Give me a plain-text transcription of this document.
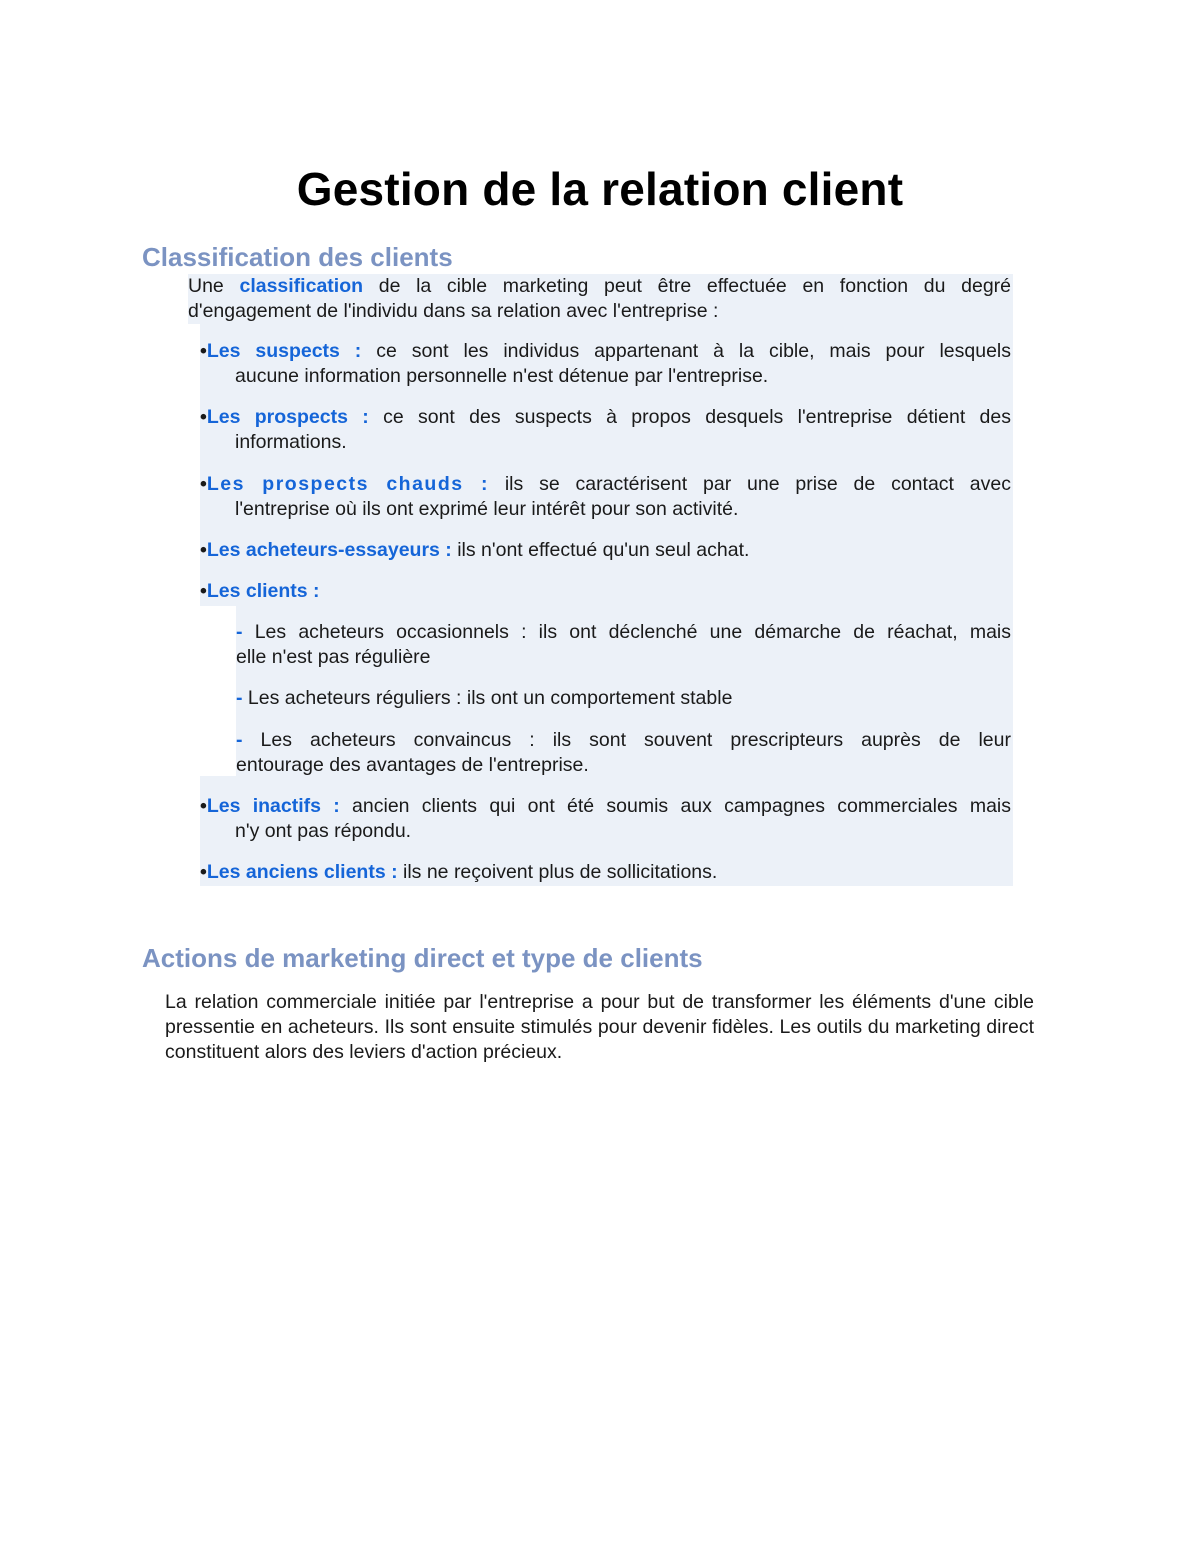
Gestion de la relation client
Classification des clients
Une classification de la cible marketing peut être effectuée en fonction du degré
d'engagement de l'individu dans sa relation avec l'entreprise :
•Les suspects : ce sont les individus appartenant à la cible, mais pour lesquels
aucune information personnelle n'est détenue par l'entreprise.
•Les prospects : ce sont des suspects à propos desquels l'entreprise détient des
informations.
•Les prospects chauds : ils se caractérisent par une prise de contact avec
l'entreprise où ils ont exprimé leur intérêt pour son activité.
•Les acheteurs-essayeurs : ils n'ont effectué qu'un seul achat.
•Les clients :
- Les acheteurs occasionnels : ils ont déclenché une démarche de réachat, mais
elle n'est pas régulière
- Les acheteurs réguliers : ils ont un comportement stable
- Les acheteurs convaincus : ils sont souvent prescripteurs auprès de leur
entourage des avantages de l'entreprise.
•Les inactifs : ancien clients qui ont été soumis aux campagnes commerciales mais
n'y ont pas répondu.
•Les anciens clients : ils ne reçoivent plus de sollicitations.
Actions de marketing direct et type de clients
La relation commerciale initiée par l'entreprise a pour but de transformer les éléments d'une cible pressentie en acheteurs. Ils sont ensuite stimulés pour devenir fidèles. Les outils du marketing direct constituent alors des leviers d'action précieux.
